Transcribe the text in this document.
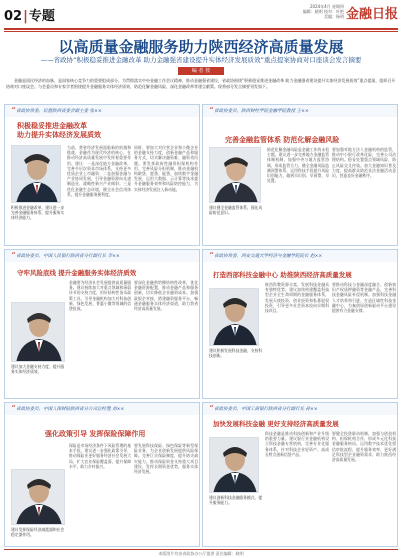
02|专题
2024年4月 星期四
编辑：晓明 校对：叶艳
美编：杨明 金融日报
以高质量金融服务助力陕西经济高质量发展
——省政协“积极稳妥推进金融改革 助力金融强省建设提升实体经济发展质效”重点提案协商对口座谈会发言摘要
编 者 按
金融是国民经济的血脉，是国家核心竞争力的重要组成部分。为贯彻落实中央金融工作会议精神，推动金融强省建设，省政协围绕“积极稳妥推进金融改革 助力金融强省建设提升实体经济发展质效”重点提案，组织召开协商对口座谈会。与会委员和专家学者围绕提升金融服务实体经济质效、防范化解金融风险、深化金融改革等建言献策。现将部分发言摘要刊发如下。
“ 省政协常委、民盟陕西省委会副主委 张××
积极稳妥推进金融改革
助力提升实体经济发展质效
积极推进金融改革，建议进一步完善金融服务体系，提升服务实体经济能力。
当前，我省经济发展面临新的机遇和挑战，金融作为现代经济的核心，在推动经济高质量发展中发挥着重要作用。建议：一是深化地方金融改革，完善多层次资本市场体系，支持更多优质企业上市融资；二是加强金融与产业协同发展，引导金融资源向先进制造业、战略性新兴产业倾斜；三是优化金融生态环境，健全社会信用体系，提升金融服务便利度。
同时，要加大对民营企业和小微企业的金融支持力度，创新金融产品和服务方式，切实解决融资难、融资贵问题。要发挥政府性融资担保机构作用，完善风险分担机制，推动金融机构敢贷、愿贷、能贷。加快数字金融发展，运用大数据、云计算等技术提升金融服务效率和风险防控能力，为实体经济发展注入新动能。
“ 省政协委员、陕西财经学院金融学院教授 王××
完善金融监管体系 防范化解金融风险
建议健全金融监管体系，强化风险防范意识。
防范化解金融风险是金融工作的永恒主题。建议进一步完善地方金融监管体制机制，加强中央与地方监管协调，形成监管合力。健全金融风险监测预警体系，运用科技手段提升风险识别能力，做到早识别、早预警、早处置。
要加强对地方法人金融机构的监管，推动中小银行改革化险，完善公司治理结构。稳妥处置重点领域风险，防止风险交叉传染。加大金融知识普及力度，提高群众防范非法金融活动意识，营造良好金融秩序。
“ 省政协委员、中国人民银行陕西省分行副行长 李××
守牢风险底线 提升金融服务实体经济质效
建议加大金融支持力度，提升服务实体经济质效。
金融要为经济社会发展提供高质量服务。建议持续加大对重点领域和薄弱环节的支持力度，用好结构性货币政策工具，引导金融机构加大对科技创新、绿色发展、普惠小微等领域的信贷投放。
要深化金融供给侧结构性改革，优化金融资源配置，推动金融产品和服务创新，切实降低企业融资成本。加强政银企对接，搭建融资服务平台，畅通金融服务实体经济渠道，助力我省经济高质量发展。
“ 省政协常委、西安交通大学经济与金融学院院长 赵××
打造西部科技金融中心 助推陕西经济高质量发展
建议积极发展科技金融，支持科技创新。
陕西科教资源丰富，发展科技金融具有独特优势。建议加快构建覆盖科技型企业全生命周期的金融服务体系，发展天使投资、创业投资和私募股权投资，引导更多社会资本投向早期科技项目。
要推动科技与金融深度融合，创新知识产权质押融资等金融产品，完善科技金融风险补偿机制。加强科技金融人才培养和引进，打造区域性科技金融中心，为秦创原创新驱动平台建设提供有力金融支撑。
“ 省政协委员、中国人保财险陕西省分公司总经理 刘××
强化政策引导 发挥保险保障作用
建议发挥保险经济减震器和社会稳定器作用。
保险是市场经济条件下风险管理的基本手段。建议进一步强化政策引导，推动保险业更好服务经济社会发展大局，扩大农业保险覆盖面，提升保障水平，助力乡村振兴。
要发展科技保险、绿色保险等新型保险业务，为企业创新发展提供风险保障。完善巨灾保险制度，提升防灾减灾能力。推动保险资金支持重大项目建设，发挥长期资金优势，服务实体经济发展。
“ 省政协委员、中国工商银行陕西省分行副行长 孙××
加快发展科技金融 更好支持经济高质量发展
建议创新科技金融服务模式，提升服务能力。
科技金融是推动科技创新和产业升级的重要力量。建议银行业金融机构设立科技金融专营机构，完善专业化服务体系，针对科技企业轻资产、高成长特点创新信贷产品。
要健全投贷联动机制，加强与创投机构、担保机构合作，形成多元化科技金融服务格局。运用数字技术优化授信审批流程，提升服务效率，更好满足科技型企业融资需求，助力陕西经济高质量发展。
本版图片均由省政协办公厅提供 责任编辑：晓明
